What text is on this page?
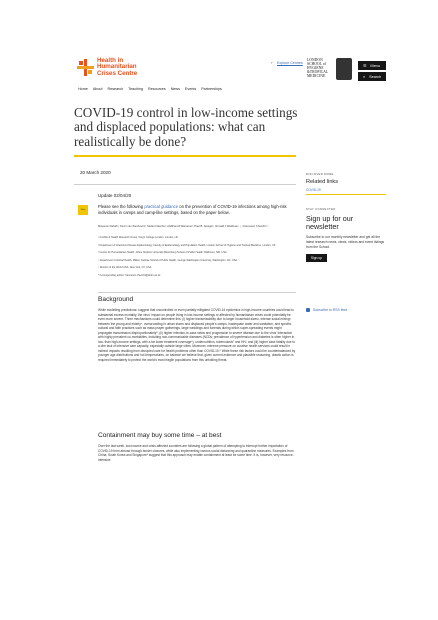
Health in
Humanitarian
Crises Centre
⇠ Explore Centres
LONDON
SCHOOL of
HYGIENE
&TROPICAL
MEDICINE
☰ Menu
⌕ Search
Home About Research Teaching Resources News Events Partnerships
COVID-19 control in low-income settings and displaced populations: what can realistically be done?
20 March 2020	DISCOVER MORE
Related links
COVID-19
STAY CONNECTED
Sign up for our newsletter
Subscribe to our monthly newsletter and get all the latest research news, views, videos and event listings from the School.
Sign up
Subscribe to RSS feed
Update 02/04/20
Note
Please see the following practical guidance on the prevention of COVID-19 infections among high-risk individuals in camps and camp-like settings, based on the paper below.
Maysoon Dahab¹, Kevin van Zandvoort², Stefan Flasche², Abdihamid Warsame³, Paul B. Spiegel⁴, Ronald J Waldman⁵·⁶, Francesco Checchi²·³
¹ Conflict & Health Research Group, King's College London, London, UK
² Department of Infectious Disease Epidemiology, Faculty of Epidemiology and Population Health, London School of Hygiene and Tropical Medicine, London, UK
³ Centre for Humanitarian Health, Johns Hopkins University Bloomberg School of Public Health, Baltimore, MD, USA
⁴ Department of Global Health, Milken Institute School of Public Health, George Washington University, Washington, DC, USA
⁵ Doctors of the World USA, New York, NY, USA
* Corresponding author: francesco.checchi@lshtm.ac.uk
Background
While modelling predictions¹ suggest that uncontrolled or even partially mitigated COVID-19 epidemics in high-income countries could lead to substantial excess mortality, the virus' impact on people living in low-income settings or affected by humanitarian crises could potentially be even more severe. Three mechanisms could determine this: (i) higher transmissibility due to larger household sizes², intense social mixing³ between the young and elderly⁴, overcrowding in urban slums and displaced people's camps, inadequate water and sanitation, and specific cultural and faith practices such as mass prayer gatherings, large weddings and funerals during which super-spreading events might propagate transmission disproportionately⁵; (ii) higher infection-to-case ratios and progression to severe disease due to the virus' interaction with highly prevalent co-morbidities, including non-communicable diseases (NCDs; prevalence of hypertension and diabetes is often higher in low- than high-income settings, with a far lower treatment coverage⁶), undernutrition, tuberculosis⁷ and HIV; and (iii) higher case fatality due to a dire lack of intensive care capacity, especially outside large cities. Moreover, extreme pressure on curative health services could result in indirect impacts resulting from disrupted care for health problems other than COVID-19.⁸ While these risk factors could be counterbalanced by younger age distributions and hot temperatures, on balance we believe that, given current evidence and plausible reasoning, drastic action is required immediately to protect the world's most fragile populations from this unfolding threat.
Containment may buy some time – at best
Over the last week, low-income and crisis-affected countries are following a global pattern of attempting to interrupt further importation of COVID-19 from abroad through border closures, while also implementing various social distancing and quarantine measures. Examples from China, South Korea and Singapore⁹ suggest that this approach may enable containment at least for some time. It is, however, very resource-intensive.
